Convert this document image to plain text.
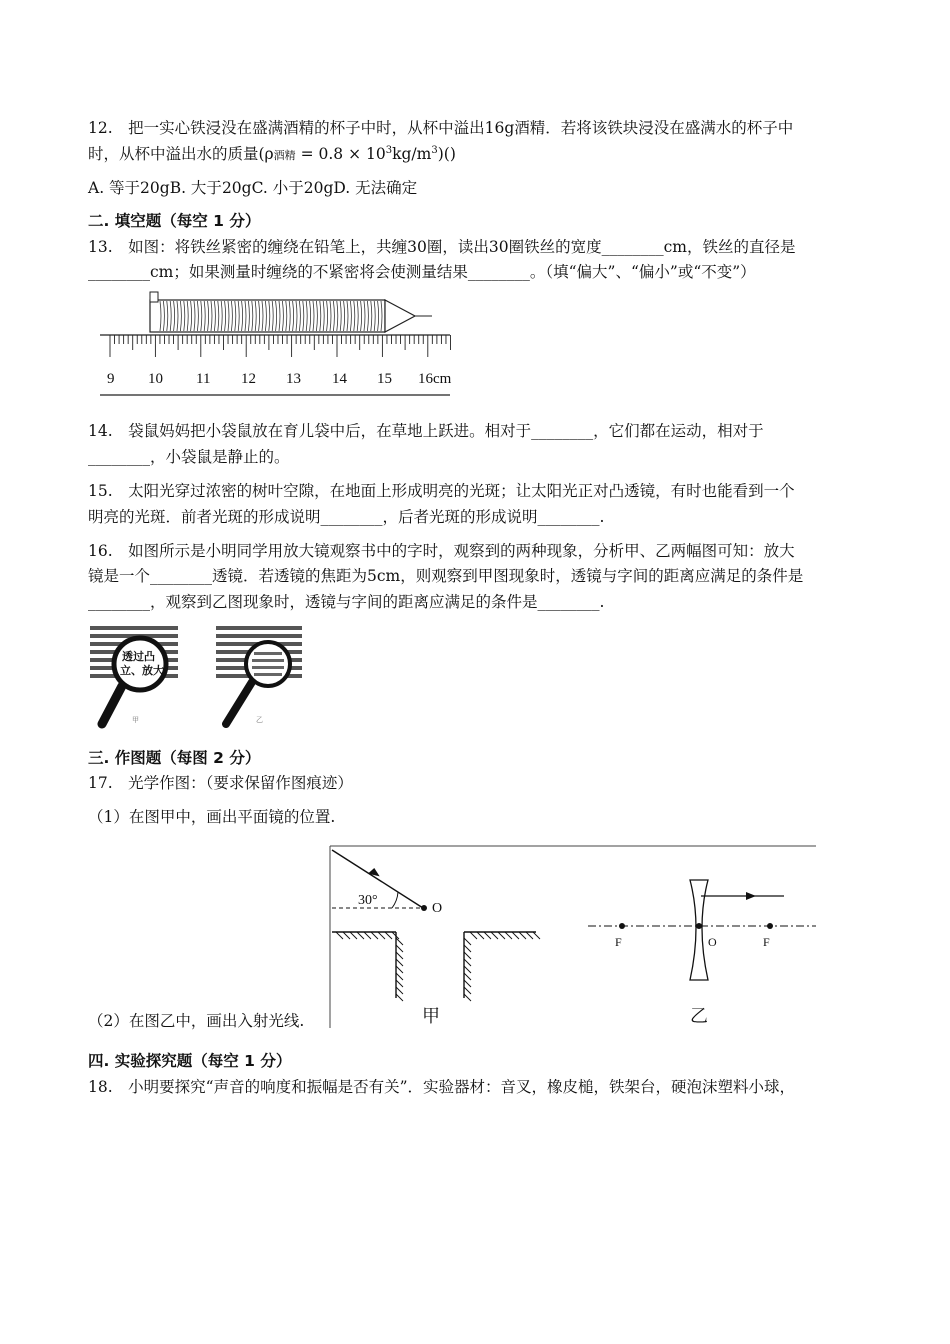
12.　把一实心铁浸没在盛满酒精的杯子中时，从杯中溢出16g酒精．若将该铁块浸没在盛满水的杯子中
时，从杯中溢出水的质量(ρ酒精 = $0.8 \times 10^3kg/m^3)()$
A. 等于20gB. 大于20gC. 小于20gD. 无法确定
二. 填空题（每空 1 分）
13.　如图：将铁丝紧密的缠绕在铅笔上，共缠30圈，读出30圈铁丝的宽度________cm，铁丝的直径是
________cm；如果测量时缠绕的不紧密将会使测量结果________。（填“偏大”、“偏小”或“不变”）
9 10 11 12 13 14 15 16cm
14.　袋鼠妈妈把小袋鼠放在育儿袋中后，在草地上跃进。相对于________，它们都在运动，相对于
________，小袋鼠是静止的。
15.　太阳光穿过浓密的树叶空隙，在地面上形成明亮的光斑；让太阳光正对凸透镜，有时也能看到一个
明亮的光斑．前者光斑的形成说明________，后者光斑的形成说明________.
16.　如图所示是小明同学用放大镜观察书中的字时，观察到的两种现象，分析甲、乙两幅图可知：放大
镜是一个________透镜．若透镜的焦距为5cm，则观察到甲图现象时，透镜与字间的距离应满足的条件是
________，观察到乙图现象时，透镜与字间的距离应满足的条件是________.
透过凸
立、放大
甲	乙
三. 作图题（每图 2 分）
17.　光学作图：（要求保留作图痕迹）
（1）在图甲中，画出平面镜的位置.
（2）在图乙中，画出入射光线.
30°
O
甲
F	O	F
乙
四. 实验探究题（每空 1 分）
18.　小明要探究“声音的响度和振幅是否有关”．实验器材：音叉，橡皮槌，铁架台，硬泡沫塑料小球，
